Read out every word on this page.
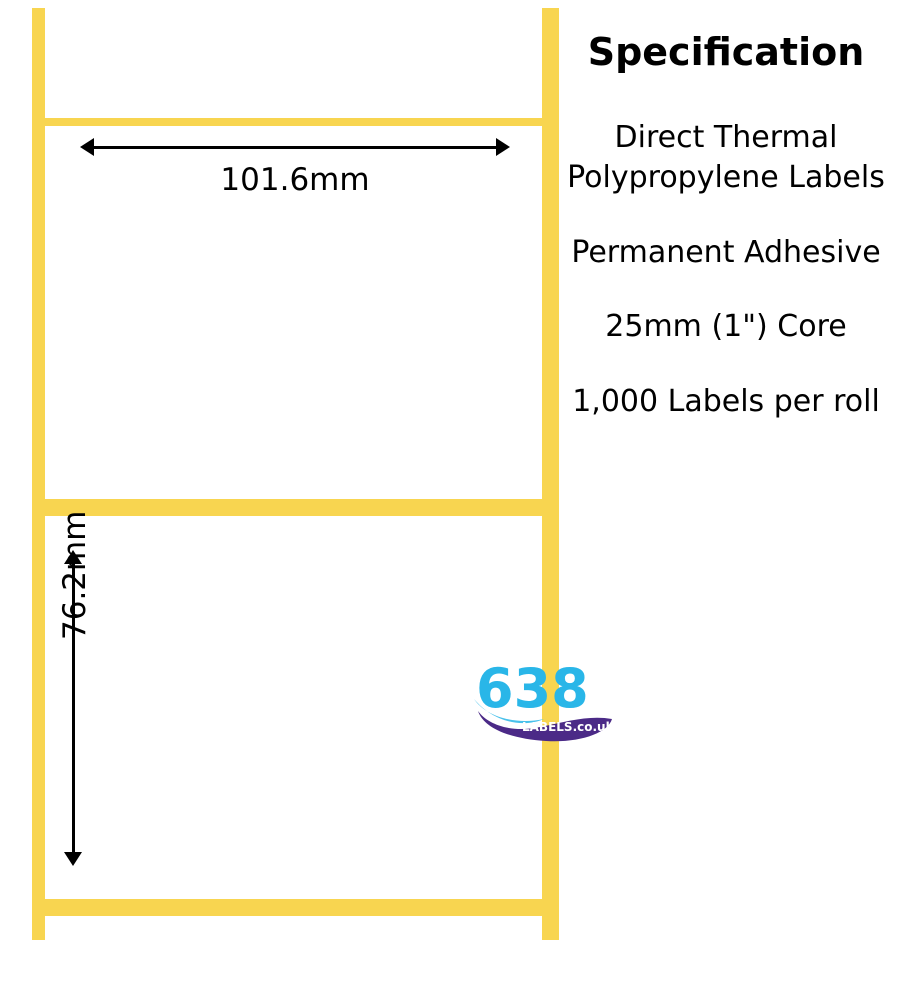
101.6mm
76.2mm
Specification
Direct Thermal Polypropylene Labels
Permanent Adhesive
25mm (1") Core
1,000 Labels per roll
638
LABELS.co.uk
